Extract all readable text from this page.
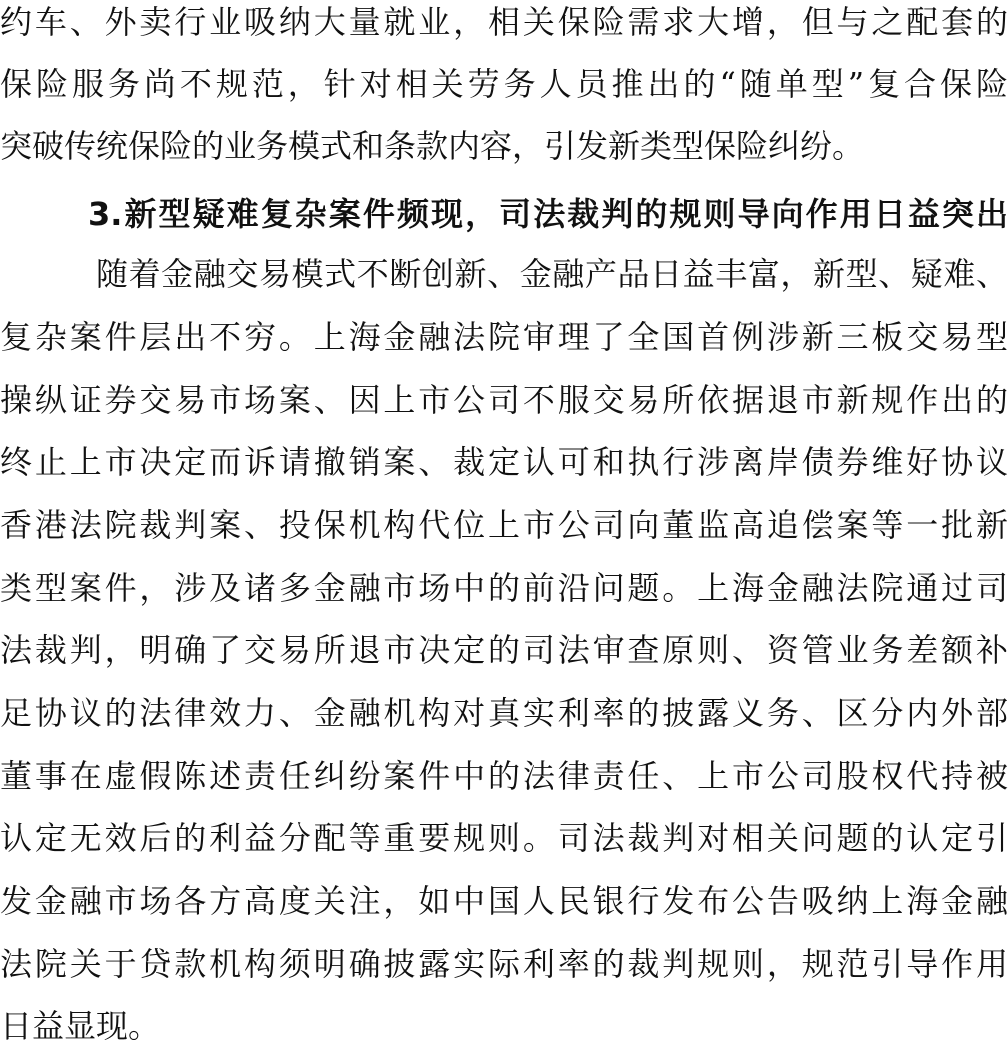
约车、外卖行业吸纳大量就业，相关保险需求大增，但与之配套的
保险服务尚不规范，针对相关劳务人员推出的“随单型”复合保险
突破传统保险的业务模式和条款内容，引发新类型保险纠纷。
3.新型疑难复杂案件频现，司法裁判的规则导向作用日益突出
随着金融交易模式不断创新、金融产品日益丰富，新型、疑难、
复杂案件层出不穷。上海金融法院审理了全国首例涉新三板交易型
操纵证券交易市场案、因上市公司不服交易所依据退市新规作出的
终止上市决定而诉请撤销案、裁定认可和执行涉离岸债券维好协议
香港法院裁判案、投保机构代位上市公司向董监高追偿案等一批新
类型案件，涉及诸多金融市场中的前沿问题。上海金融法院通过司
法裁判，明确了交易所退市决定的司法审查原则、资管业务差额补
足协议的法律效力、金融机构对真实利率的披露义务、区分内外部
董事在虚假陈述责任纠纷案件中的法律责任、上市公司股权代持被
认定无效后的利益分配等重要规则。司法裁判对相关问题的认定引
发金融市场各方高度关注，如中国人民银行发布公告吸纳上海金融
法院关于贷款机构须明确披露实际利率的裁判规则，规范引导作用
日益显现。
